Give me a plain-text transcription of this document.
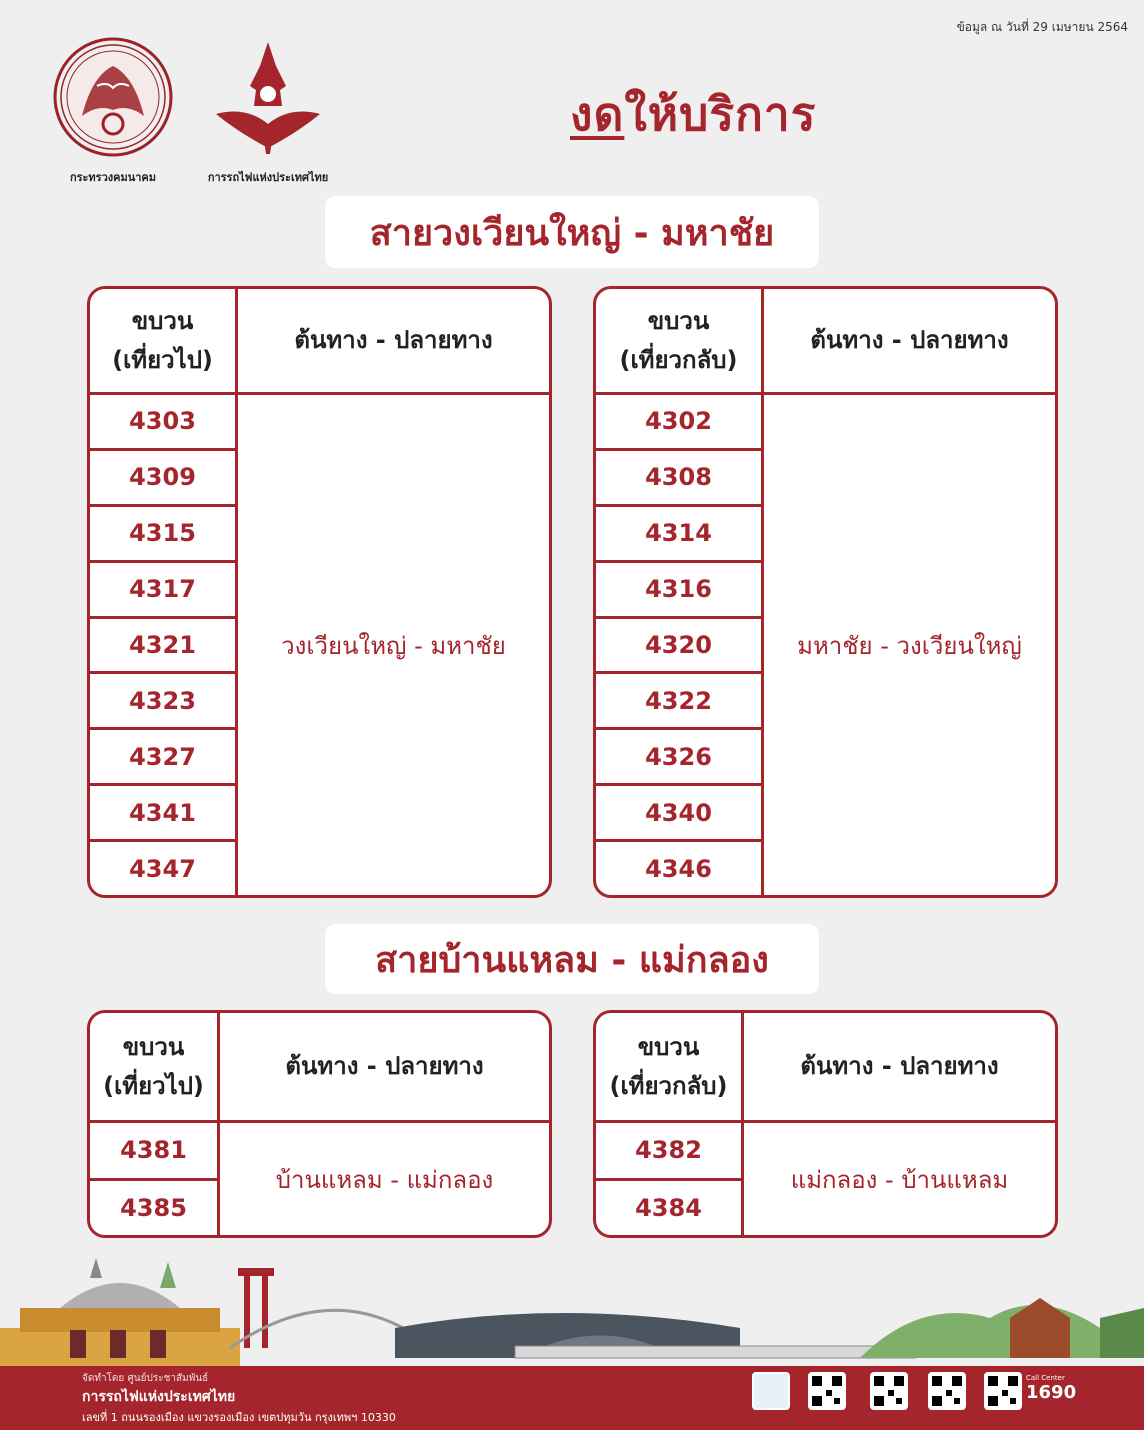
ข้อมูล ณ วันที่ 29 เมษายน 2564
กระทรวงคมนาคม	การรถไฟแห่งประเทศไทย
งดให้บริการ
สายวงเวียนใหญ่ - มหาชัย
ขบวน
(เที่ยวไป)
ต้นทาง - ปลายทาง
4303
4309
4315
4317
4321
4323
4327
4341
4347
วงเวียนใหญ่ - มหาชัย
ขบวน
(เที่ยวกลับ)
ต้นทาง - ปลายทาง
4302
4308
4314
4316
4320
4322
4326
4340
4346
มหาชัย - วงเวียนใหญ่
สายบ้านแหลม - แม่กลอง
ขบวน
(เที่ยวไป)
ต้นทาง - ปลายทาง
4381
4385
บ้านแหลม - แม่กลอง
ขบวน
(เที่ยวกลับ)
ต้นทาง - ปลายทาง
4382
4384
แม่กลอง - บ้านแหลม
จัดทำโดย ศูนย์ประชาสัมพันธ์
การรถไฟแห่งประเทศไทย
เลขที่ 1 ถนนรองเมือง แขวงรองเมือง เขตปทุมวัน กรุงเทพฯ 10330
Call Center
1690
